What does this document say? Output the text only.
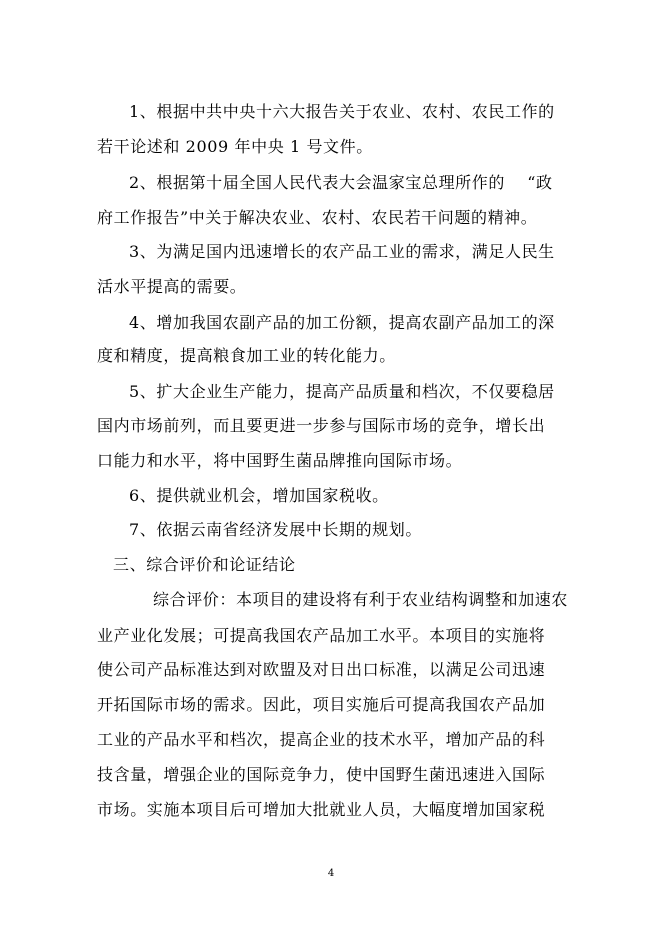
1、根据中共中央十六大报告关于农业、农村、农民工作的
若干论述和 2009 年中央 1 号文件。
2、根据第十届全国人民代表大会温家宝总理所作的　 “政
府工作报告”中关于解决农业、农村、农民若干问题的精神。
3、为满足国内迅速增长的农产品工业的需求，满足人民生
活水平提高的需要。
4、增加我国农副产品的加工份额，提高农副产品加工的深
度和精度，提高粮食加工业的转化能力。
5、扩大企业生产能力，提高产品质量和档次，不仅要稳居
国内市场前列，而且要更进一步参与国际市场的竞争，增长出
口能力和水平，将中国野生菌品牌推向国际市场。
6、提供就业机会，增加国家税收。
7、依据云南省经济发展中长期的规划。
三、综合评价和论证结论
综合评价：本项目的建设将有利于农业结构调整和加速农
业产业化发展；可提高我国农产品加工水平。本项目的实施将
使公司产品标准达到对欧盟及对日出口标准，以满足公司迅速
开拓国际市场的需求。因此，项目实施后可提高我国农产品加
工业的产品水平和档次，提高企业的技术水平，增加产品的科
技含量，增强企业的国际竞争力，使中国野生菌迅速进入国际
市场。实施本项目后可增加大批就业人员，大幅度增加国家税
4
